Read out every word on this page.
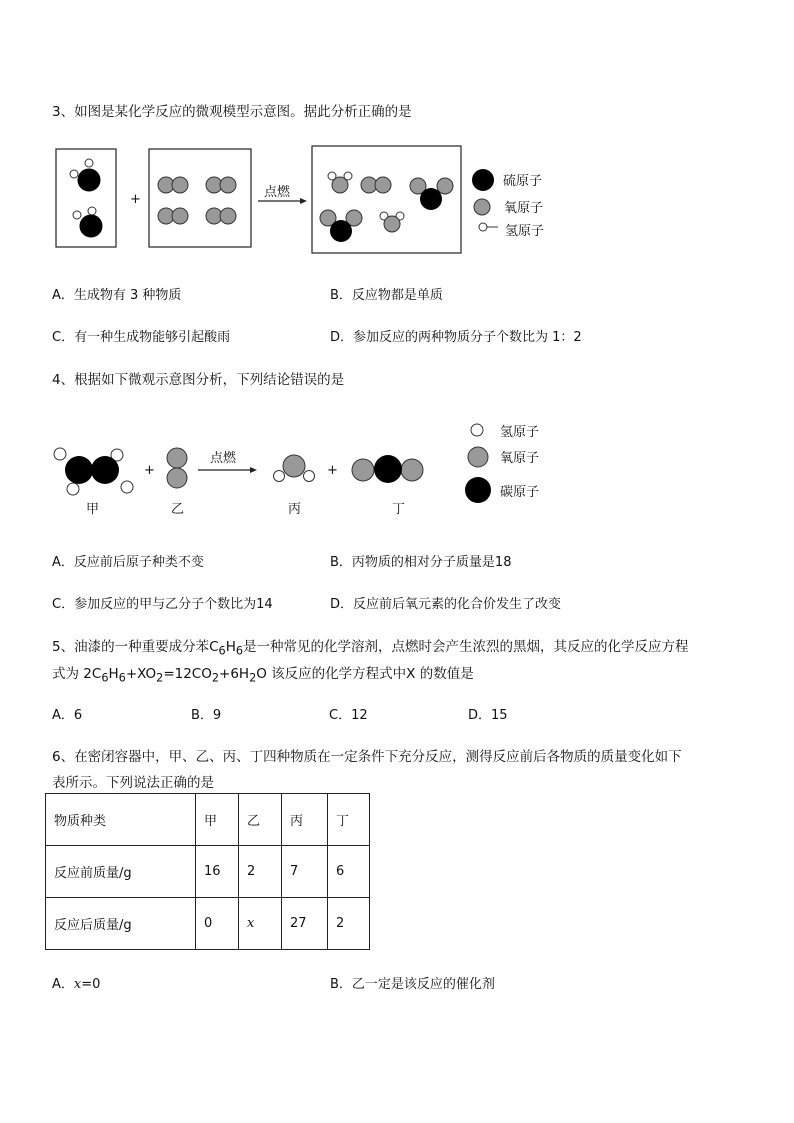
3、如图是某化学反应的微观模型示意图。据此分析正确的是
+	点燃
硫原子
氧原子
氢原子
A．生成物有 3 种物质	B．反应物都是单质
C．有一种生成物能够引起酸雨	D．参加反应的两种物质分子个数比为 1：2
4、根据如下微观示意图分析，下列结论错误的是
甲
+
乙
点燃
丙
+
丁
氢原子
氧原子
碳原子
A．反应前后原子种类不变	B．丙物质的相对分子质量是18
C．参加反应的甲与乙分子个数比为14	D．反应前后氧元素的化合价发生了改变
5、油漆的一种重要成分苯$C_6H_6$是一种常见的化学溶剂，点燃时会产生浓烈的黑烟，其反应的化学反应方程
式为 $2C_6H_6+XO_2=12CO_2+6H_2O$ 该反应的化学方程式中X 的数值是
A．6	B．9	C．12	D．15
6、在密闭容器中，甲、乙、丙、丁四种物质在一定条件下充分反应，测得反应前后各物质的质量变化如下
表所示。下列说法正确的是
物质种类	甲	乙	丙	丁
反应前质量/g	16	2	7	6
反应后质量/g	0	x	27	2
A．x=0	B．乙一定是该反应的催化剂
